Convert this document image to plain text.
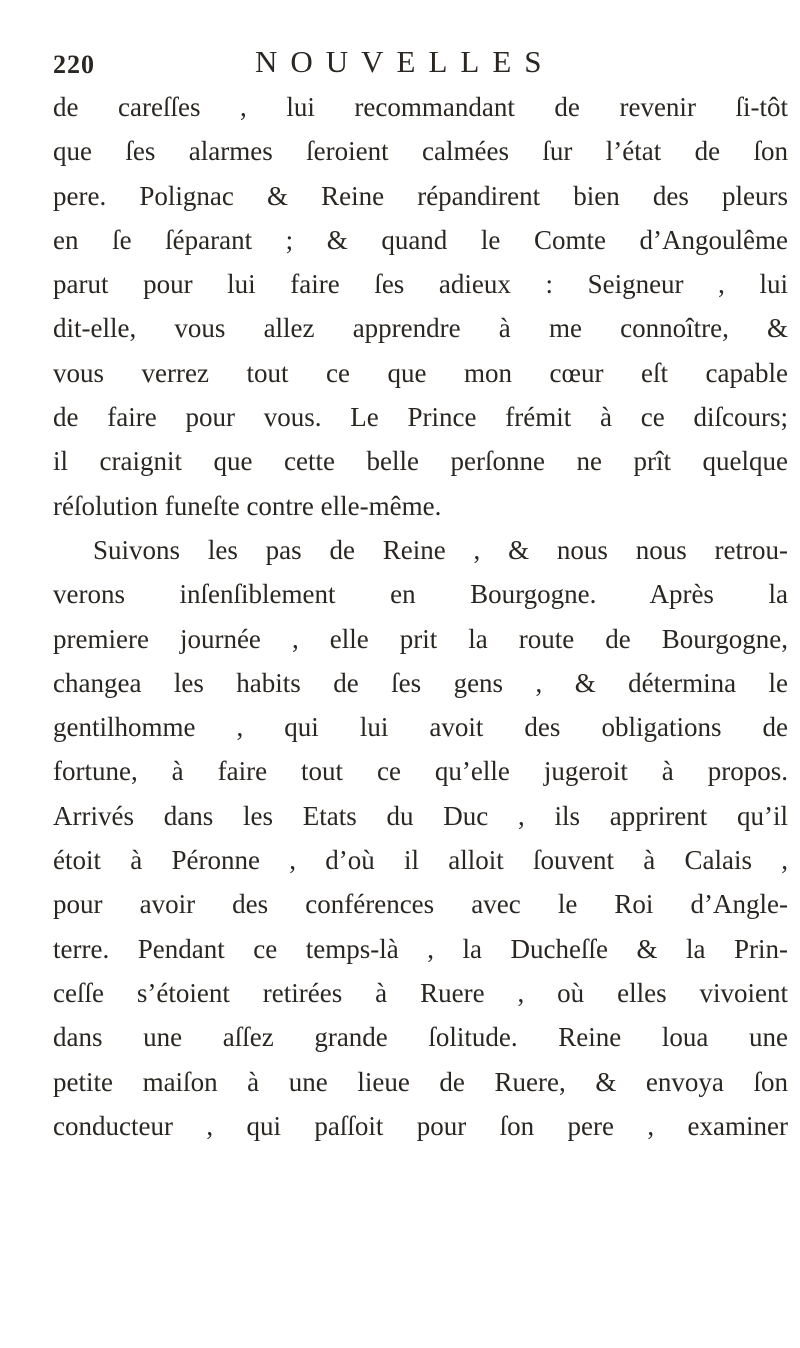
220	NOUVELLES
de careſſes , lui recommandant de revenir ſi-tôt
que ſes alarmes ſeroient calmées ſur l’état de ſon
pere. Polignac & Reine répandirent bien des pleurs
en ſe ſéparant ; & quand le Comte d’Angoulême
parut pour lui faire ſes adieux : Seigneur , lui
dit-elle, vous allez apprendre à me connoître, &
vous verrez tout ce que mon cœur eſt capable
de faire pour vous. Le Prince frémit à ce diſcours;
il craignit que cette belle perſonne ne prît quelque
réſolution funeſte contre elle-même.
Suivons les pas de Reine , & nous nous retrou-
verons inſenſiblement en Bourgogne. Après la
premiere journée , elle prit la route de Bourgogne,
changea les habits de ſes gens , & détermina le
gentilhomme , qui lui avoit des obligations de
fortune, à faire tout ce qu’elle jugeroit à propos.
Arrivés dans les Etats du Duc , ils apprirent qu’il
étoit à Péronne , d’où il alloit ſouvent à Calais ,
pour avoir des conférences avec le Roi d’Angle-
terre. Pendant ce temps-là , la Ducheſſe & la Prin-
ceſſe s’étoient retirées à Ruere , où elles vivoient
dans une aſſez grande ſolitude. Reine loua une
petite maiſon à une lieue de Ruere, & envoya ſon
conducteur , qui paſſoit pour ſon pere , examiner
